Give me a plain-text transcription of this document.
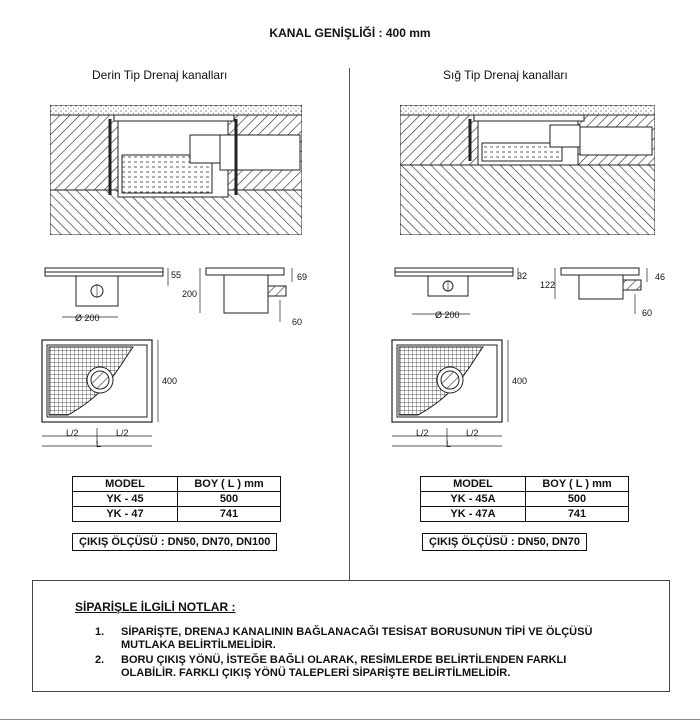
KANAL GENİŞLİĞİ : 400 mm
Derin Tip Drenaj kanalları
55
Ø 200
69
200
60
400
L/2	L/2
L
MODEL	BOY ( L ) mm
YK - 45	500
YK - 47	741
ÇIKIŞ ÖLÇÜSÜ : DN50, DN70, DN100
Sığ Tip Drenaj kanalları
32
Ø 200
46
122
60
400
L/2	L/2
L
MODEL	BOY ( L ) mm
YK - 45A	500
YK - 47A	741
ÇIKIŞ ÖLÇÜSÜ : DN50, DN70
SİPARİŞLE İLGİLİ NOTLAR :
1.	SİPARİŞTE, DRENAJ KANALININ BAĞLANACAĞI TESİSAT BORUSUNUN TİPİ VE ÖLÇÜSÜ MUTLAKA BELİRTİLMELİDİR.
2.	BORU ÇIKIŞ YÖNÜ, İSTEĞE BAĞLI OLARAK, RESİMLERDE BELİRTİLENDEN FARKLI OLABİLİR. FARKLI ÇIKIŞ YÖNÜ TALEPLERİ SİPARİŞTE BELİRTİLMELİDİR.
